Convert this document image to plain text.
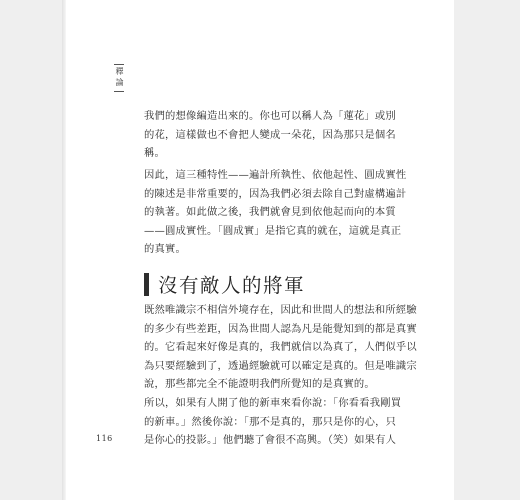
釋論

我們的想像編造出來的。你也可以稱人為「蓮花」或別
的花，這樣做也不會把人變成一朵花，因為那只是個名
稱。

因此，這三種特性——遍計所執性、依他起性、圓成實性
的陳述是非常重要的，因為我們必須去除自己對虛構遍計
的執著。如此做之後，我們就會見到依他起而向的本質
——圓成實性。「圓成實」是指它真的就在，這就是真正
的真實。

沒有敵人的將軍

既然唯識宗不相信外境存在，因此和世間人的想法和所經驗
的多少有些差距，因為世間人認為凡是能覺知到的都是真實
的。它看起來好像是真的，我們就信以為真了，人們似乎以
為只要經驗到了，透過經驗就可以確定是真的。但是唯識宗
說，那些都完全不能證明我們所覺知的是真實的。

所以，如果有人開了他的新車來看你說：「你看看我剛買
的新車。」然後你說：「那不是真的，那只是你的心，只
是你心的投影。」他們聽了會很不高興。（笑）如果有人

116
